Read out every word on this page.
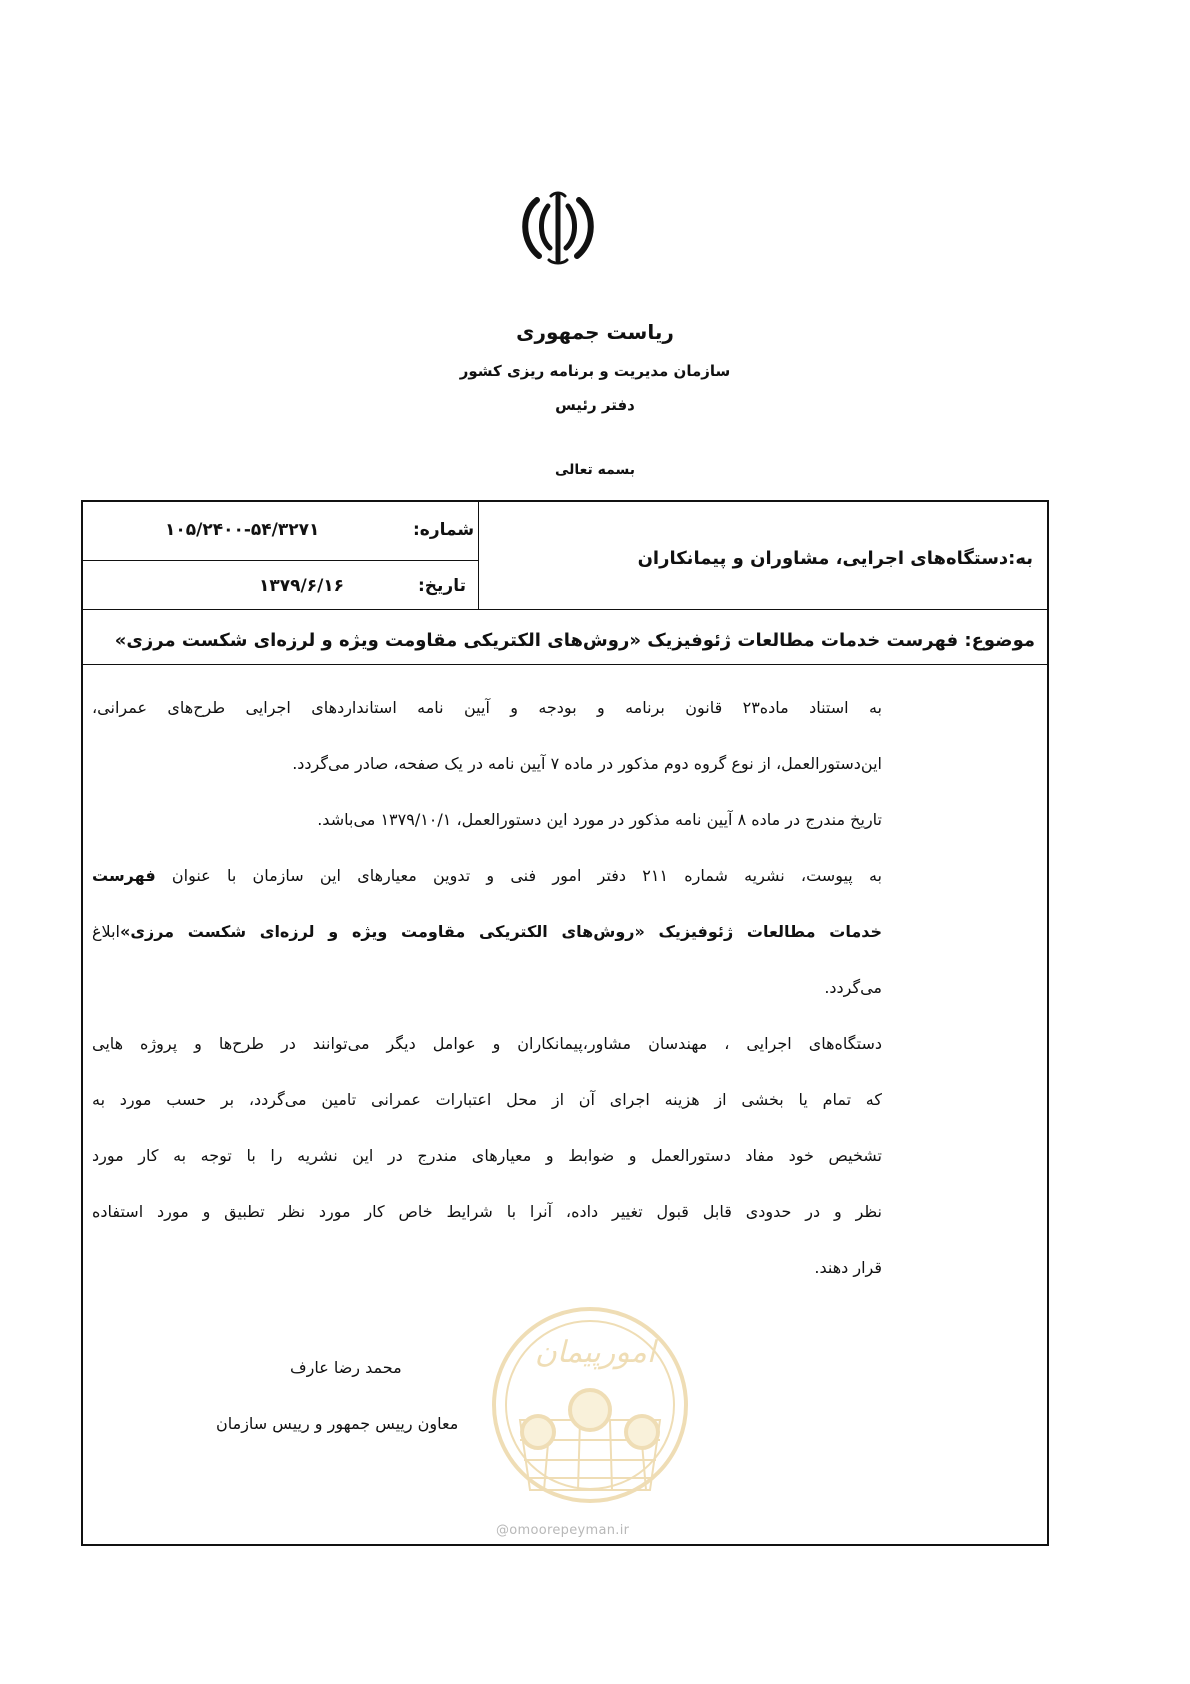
ریاست جمهوری
سازمان مدیریت و برنامه ریزی کشور
دفتر رئیس
بسمه تعالی
به:دستگاه‌های اجرایی، مشاوران و پیمانکاران
شماره:
۱۰۵/۲۴۰۰-۵۴/۳۲۷۱
تاریخ:
۱۳۷۹/۶/۱۶
موضوع: فهرست خدمات مطالعات ژئوفیزیک «روش‌های الکتریکی مقاومت ویژه و لرزه‌ای شکست مرزی»
به استناد ماده۲۳ قانون برنامه و بودجه و آیین نامه استانداردهای اجرایی طرح‌های عمرانی،
این‌دستورالعمل، از نوع گروه دوم مذکور در ماده ۷ آیین نامه در یک صفحه، صادر می‌گردد.
تاریخ مندرج در ماده ۸ آیین نامه مذکور در مورد این دستورالعمل، ۱۳۷۹/۱۰/۱ می‌باشد.
به پیوست، نشریه شماره ۲۱۱ دفتر امور فنی و تدوین معیارهای این سازمان با عنوان فهرست
خدمات مطالعات ژئوفیزیک «روش‌های الکتریکی مقاومت ویژه و لرزه‌ای شکست مرزی»ابلاغ
می‌گردد.
دستگاه‌های اجرایی ، مهندسان مشاور،پیمانکاران و عوامل دیگر می‌توانند در طرح‌ها و پروژه هایی
که تمام یا بخشی از هزینه اجرای آن از محل اعتبارات عمرانی تامین می‌گردد، بر حسب مورد به
تشخیص خود مفاد دستورالعمل و ضوابط و معیارهای مندرج در این نشریه را با توجه به کار مورد
نظر و در حدودی قابل قبول تغییر داده، آنرا با شرایط خاص کار مورد نظر تطبیق و مورد استفاده
قرار دهند.
امورپیمان
@omoorepeyman.ir
محمد رضا عارف
معاون رییس جمهور و رییس سازمان
